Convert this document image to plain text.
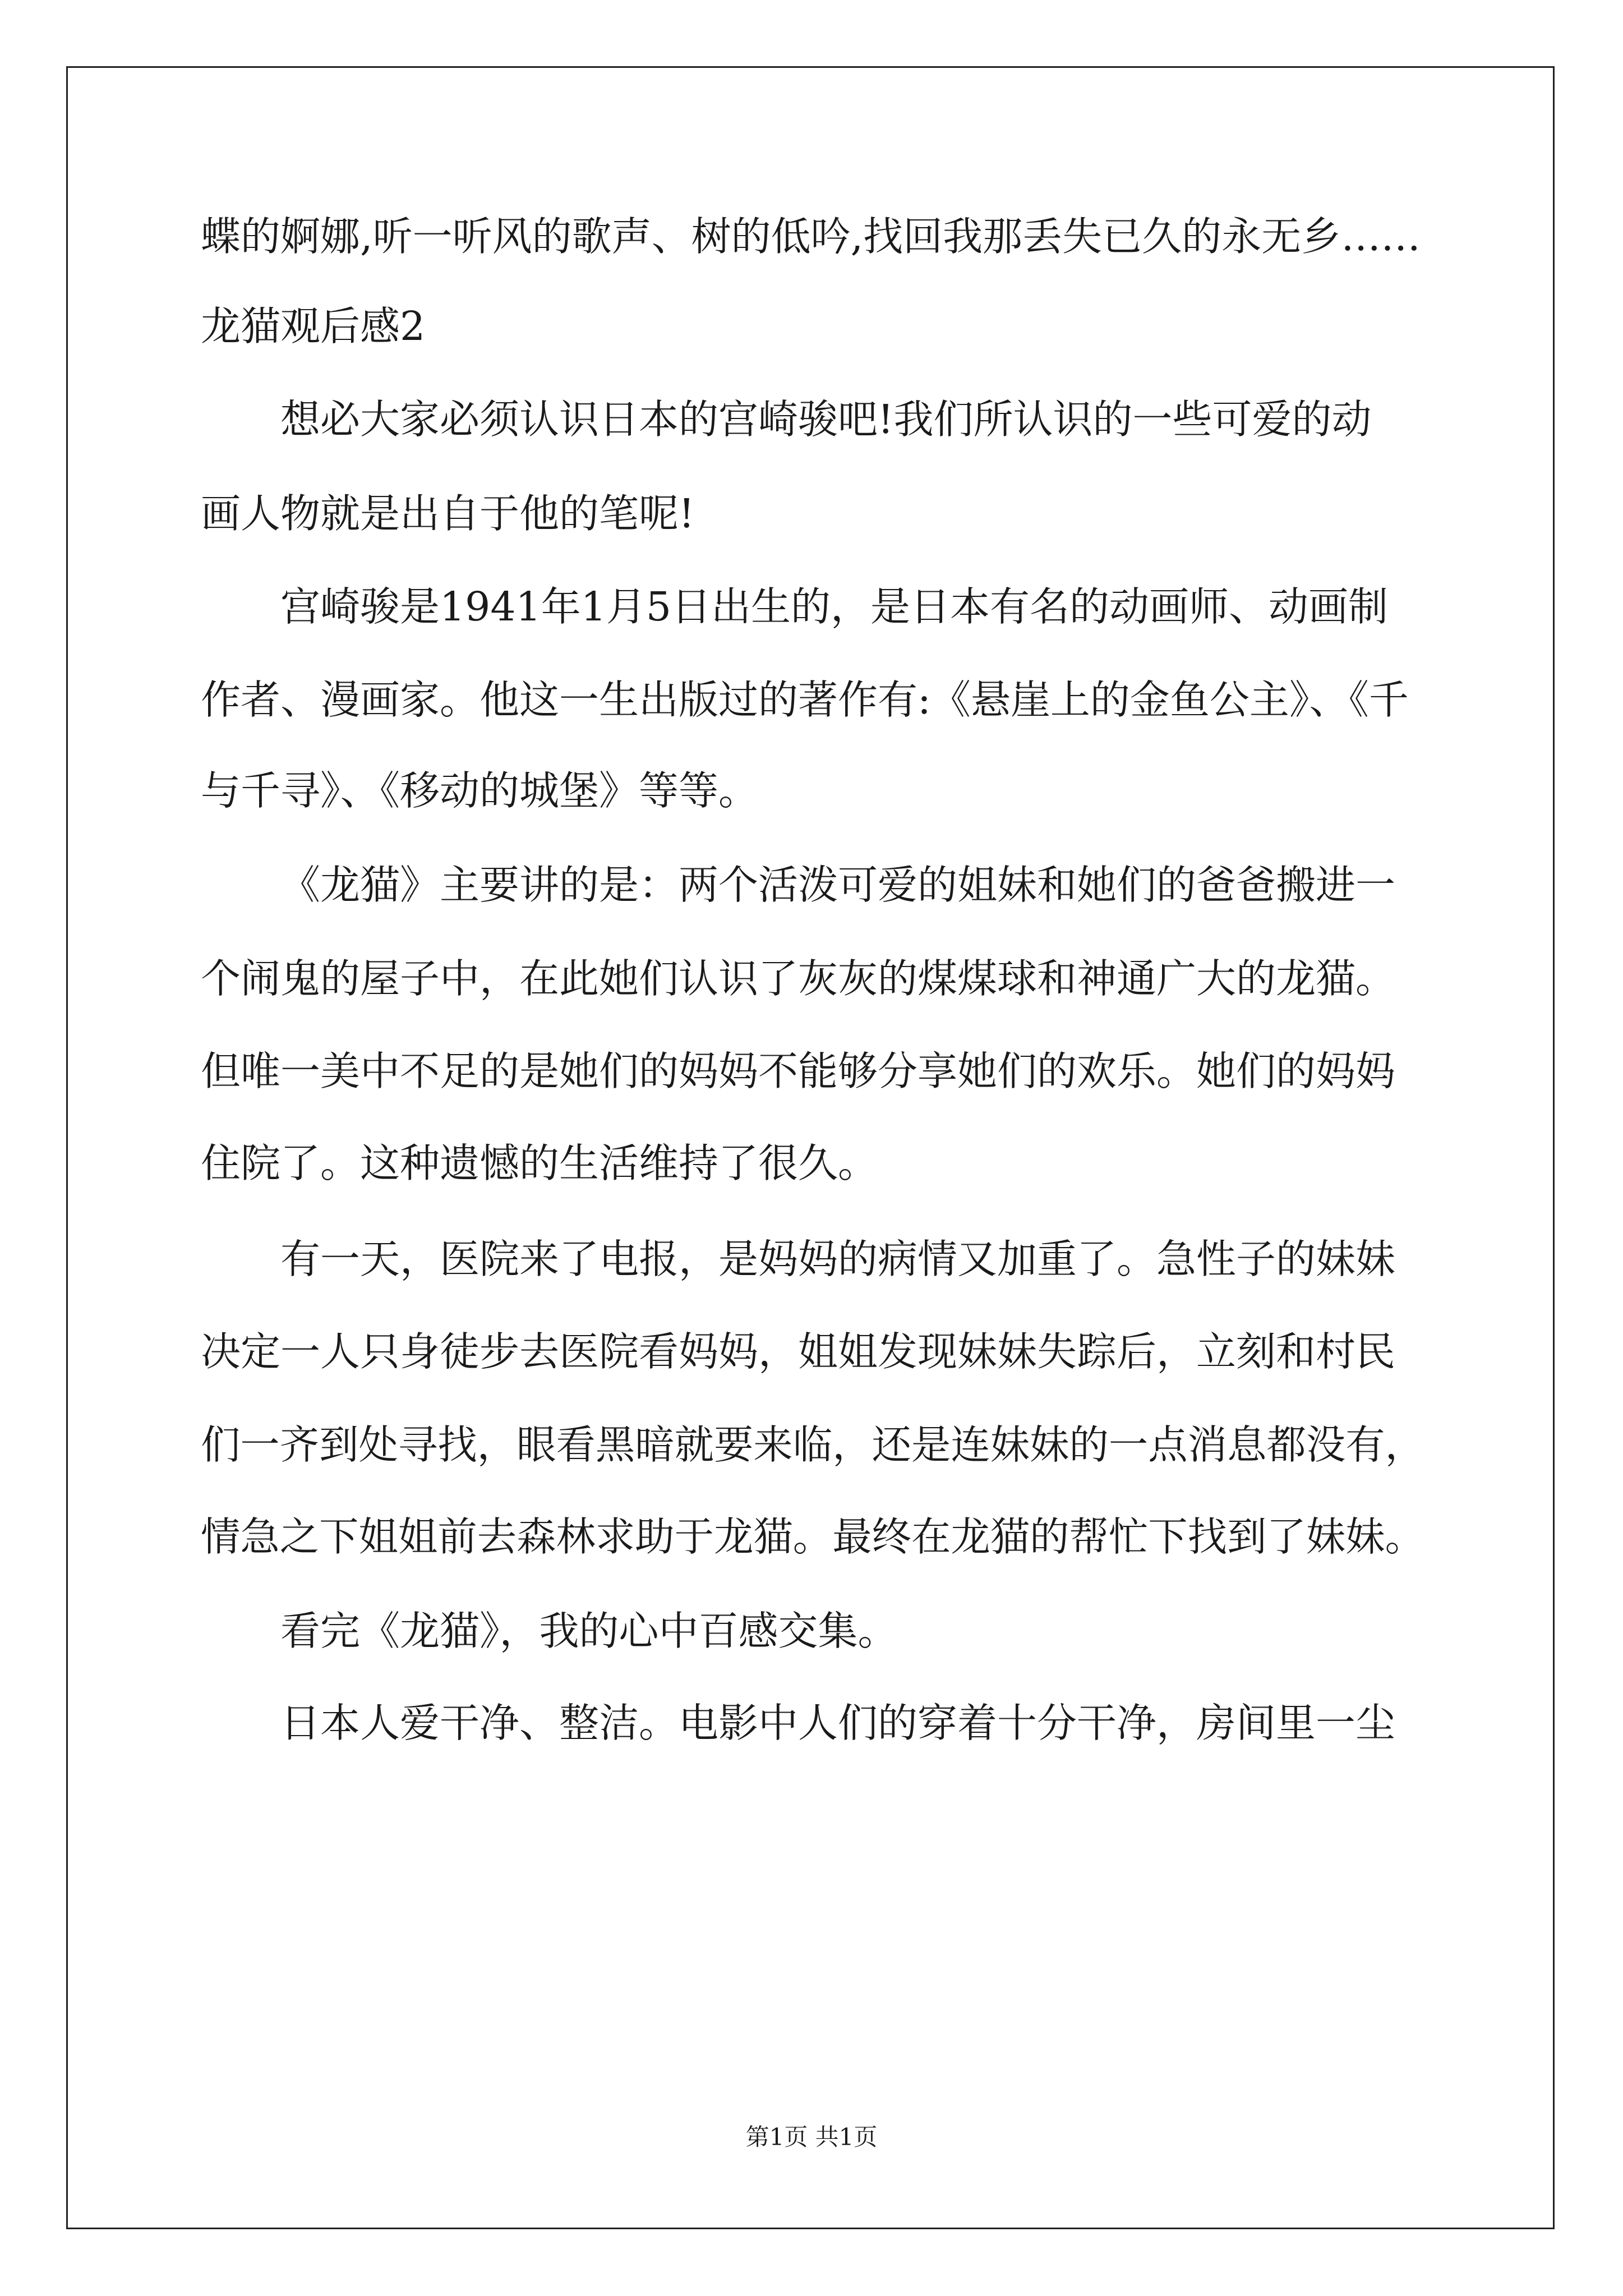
蝶的婀娜,听一听风的歌声、树的低吟,找回我那丢失已久的永无乡……
龙猫观后感2
想必大家必须认识日本的宫崎骏吧!我们所认识的一些可爱的动
画人物就是出自于他的笔呢!
宫崎骏是1941年1月5日出生的，是日本有名的动画师、动画制
作者、漫画家。他这一生出版过的著作有:《悬崖上的金鱼公主》、《千
与千寻》、《移动的城堡》等等。
《龙猫》主要讲的是：两个活泼可爱的姐妹和她们的爸爸搬进一
个闹鬼的屋子中，在此她们认识了灰灰的煤煤球和神通广大的龙猫。
但唯一美中不足的是她们的妈妈不能够分享她们的欢乐。她们的妈妈
住院了。这种遗憾的生活维持了很久。
有一天，医院来了电报，是妈妈的病情又加重了。急性子的妹妹
决定一人只身徒步去医院看妈妈，姐姐发现妹妹失踪后，立刻和村民
们一齐到处寻找，眼看黑暗就要来临，还是连妹妹的一点消息都没有，
情急之下姐姐前去森林求助于龙猫。最终在龙猫的帮忙下找到了妹妹。
看完《龙猫》，我的心中百感交集。
日本人爱干净、整洁。电影中人们的穿着十分干净，房间里一尘
第1页 共1页
